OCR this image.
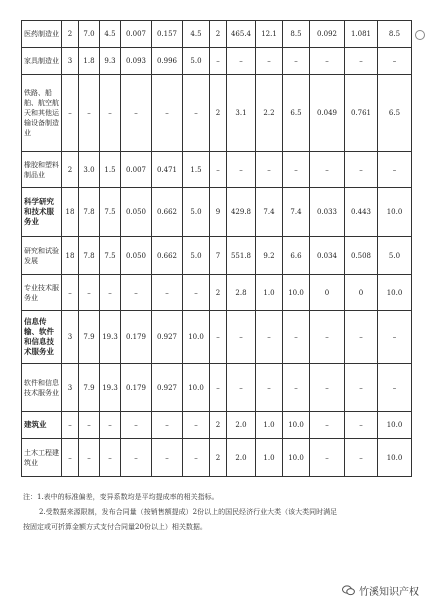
医药制造业	2	7.0	4.5	0.007	0.157	4.5	2	465.4	12.1	8.5	0.092	1.081	8.5

家具制造业	3	1.8	9.3	0.093	0.996	5.0	–	–	–	–	–	–	–

铁路、船舶、航空航天和其他运输设备制造业	–	–	–	–	–	–	2	3.1	2.2	6.5	0.049	0.761	6.5

橡胶和塑料制品业	2	3.0	1.5	0.007	0.471	1.5	–	–	–	–	–	–	–

科学研究和技术服务业	18	7.8	7.5	0.050	0.662	5.0	9	429.8	7.4	7.4	0.033	0.443	10.0

研究和试验发展	18	7.8	7.5	0.050	0.662	5.0	7	551.8	9.2	6.6	0.034	0.508	5.0

专业技术服务业	–	–	–	–	–	–	2	2.8	1.0	10.0	0	0	10.0

信息传输、软件和信息技术服务业	3	7.9	19.3	0.179	0.927	10.0	–	–	–	–	–	–	–

软件和信息技术服务业	3	7.9	19.3	0.179	0.927	10.0	–	–	–	–	–	–	–

建筑业	–	–	–	–	–	–	2	2.0	1.0	10.0	–	–	10.0

土木工程建筑业	–	–	–	–	–	–	2	2.0	1.0	10.0	–	–	10.0

注：1.表中的标准偏差，变异系数均是平均提成率的相关指标。

2.受数据来源限制，发布合同量（按销售额提成）2份以上的国民经济行业大类（该大类同时满足

按固定或可折算金额方式支付合同量20份以上）相关数据。

竹溪知识产权
